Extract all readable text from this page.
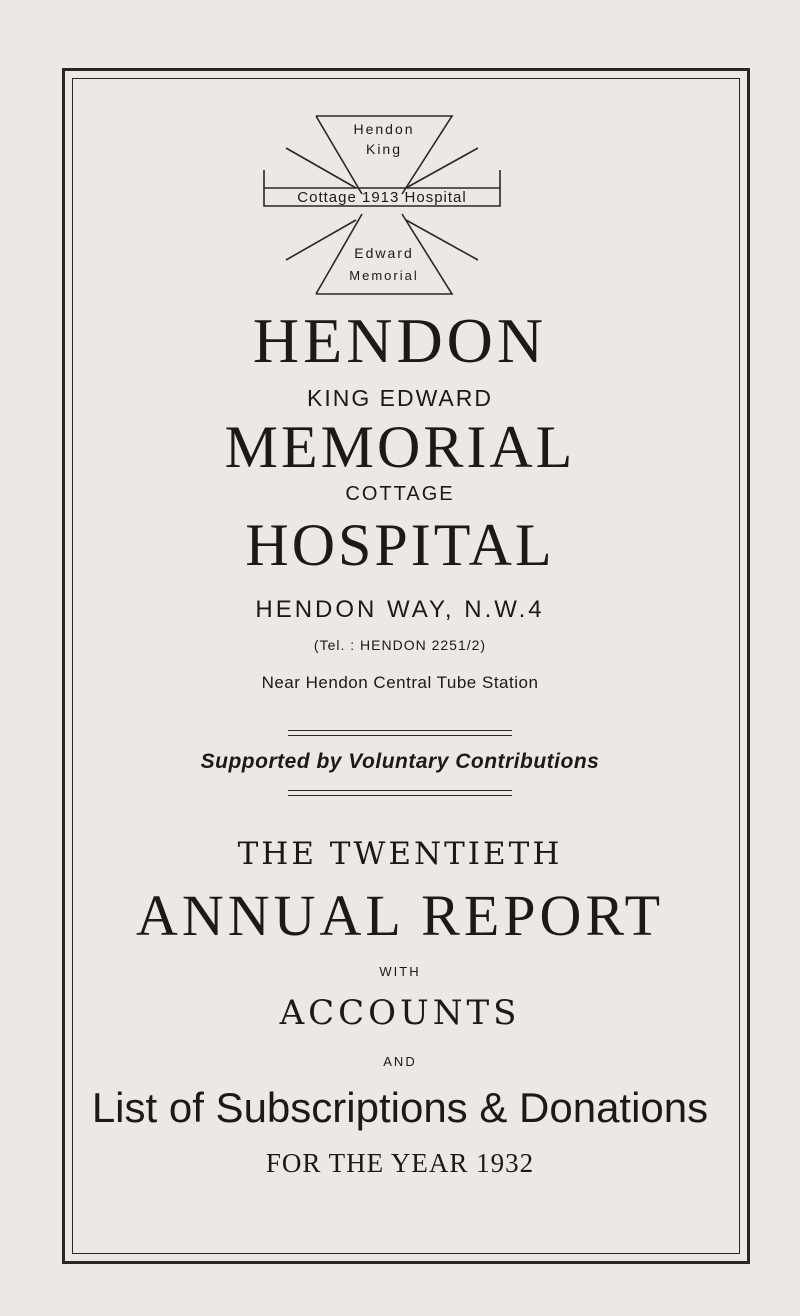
Hendon
King
Cottage 1913 Hospital
Edward
Memorial

HENDON

KING EDWARD

MEMORIAL

COTTAGE

HOSPITAL

HENDON WAY, N.W.4

(Tel. : HENDON 2251/2)

Near Hendon Central Tube Station

Supported by Voluntary Contributions

THE TWENTIETH

ANNUAL REPORT

WITH

ACCOUNTS

AND

List of Subscriptions & Donations

FOR THE YEAR 1932
